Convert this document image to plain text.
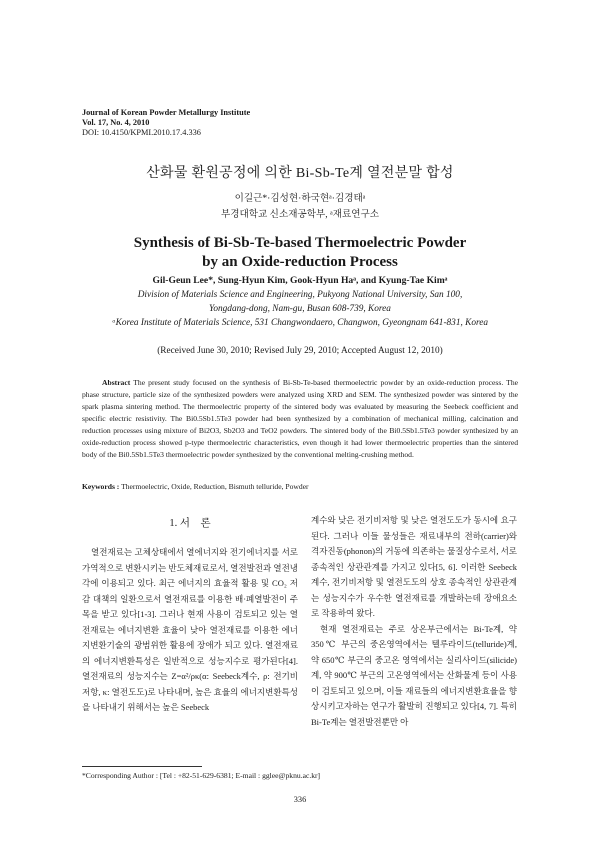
Journal of Korean Powder Metallurgy Institute
Vol. 17, No. 4, 2010
DOI: 10.4150/KPMI.2010.17.4.336
산화물 환원공정에 의한 Bi-Sb-Te계 열전분말 합성
이길근*·김성현·하국현ᵃ·김경태ᵃ
부경대학교 신소재공학부, ᵃ재료연구소
Synthesis of Bi-Sb-Te-based Thermoelectric Powder
by an Oxide-reduction Process
Gil-Geun Lee*, Sung-Hyun Kim, Gook-Hyun Haᵃ, and Kyung-Tae Kimᵃ
Division of Materials Science and Engineering, Pukyong National University, San 100,
Yongdang-dong, Nam-gu, Busan 608-739, Korea
ᵃKorea Institute of Materials Science, 531 Changwondaero, Changwon, Gyeongnam 641-831, Korea
(Received June 30, 2010; Revised July 29, 2010; Accepted August 12, 2010)
Abstract The present study focused on the synthesis of Bi-Sb-Te-based thermoelectric powder by an oxide-reduction process. The phase structure, particle size of the synthesized powders were analyzed using XRD and SEM. The synthesized powder was sintered by the spark plasma sintering method. The thermoelectric property of the sintered body was evaluated by measuring the Seebeck coefficient and specific electric resistivity. The Bi0.5Sb1.5Te3 powder had been synthesized by a combination of mechanical milling, calcination and reduction processes using mixture of Bi2O3, Sb2O3 and TeO2 powders. The sintered body of the Bi0.5Sb1.5Te3 powder synthesized by an oxide-reduction process showed p-type thermoelectric characteristics, even though it had lower thermoelectric properties than the sintered body of the Bi0.5Sb1.5Te3 thermoelectric powder synthesized by the conventional melting-crushing method.
Keywords : Thermoelectric, Oxide, Reduction, Bismuth telluride, Powder
1. 서　론

열전재료는 고체상태에서 열에너지와 전기에너지를 서로 가역적으로 변환시키는 반도체재료로서, 열전발전과 열전냉각에 이용되고 있다. 최근 에너지의 효율적 활용 및 CO₂ 저감 대책의 일환으로서 열전재료를 이용한 배·폐열발전이 주목을 받고 있다[1-3]. 그러나 현재 사용이 검토되고 있는 열전재료는 에너지변환 효율이 낮아 열전재료를 이용한 에너지변환기술의 광범위한 활용에 장애가 되고 있다. 열전재료의 에너지변환특성은 일반적으로 성능지수로 평가된다[4]. 열전재료의 성능지수는 Z=α²/ρκ(α: Seebeck계수, ρ: 전기비저항, κ: 열전도도)로 나타내며, 높은 효율의 에너지변환특성을 나타내기 위해서는 높은 Seebeck

계수와 낮은 전기비저항 및 낮은 열전도도가 동시에 요구된다. 그러나 이들 물성들은 재료내부의 전하(carrier)와 격자진동(phonon)의 거동에 의존하는 물질상수로서, 서로 종속적인 상관관계를 가지고 있다[5, 6]. 이러한 Seebeck 계수, 전기비저항 및 열전도도의 상호 종속적인 상관관계는 성능지수가 우수한 열전재료를 개발하는데 장애요소로 작용하여 왔다.

현재 열전재료는 주로 상온부근에서는 Bi-Te계, 약 350℃ 부근의 중온영역에서는 텔루라이드(telluride)계, 약 650℃ 부근의 중고온 영역에서는 실리사이드(silicide)계, 약 900℃ 부근의 고온영역에서는 산화물계 등이 사용이 검토되고 있으며, 이들 재료들의 에너지변환효율을 향상시키고자하는 연구가 활발히 진행되고 있다[4, 7]. 특히 Bi-Te계는 열전발전뿐만 아

*Corresponding Author : [Tel : +82-51-629-6381; E-mail : gglee@pknu.ac.kr]
336
